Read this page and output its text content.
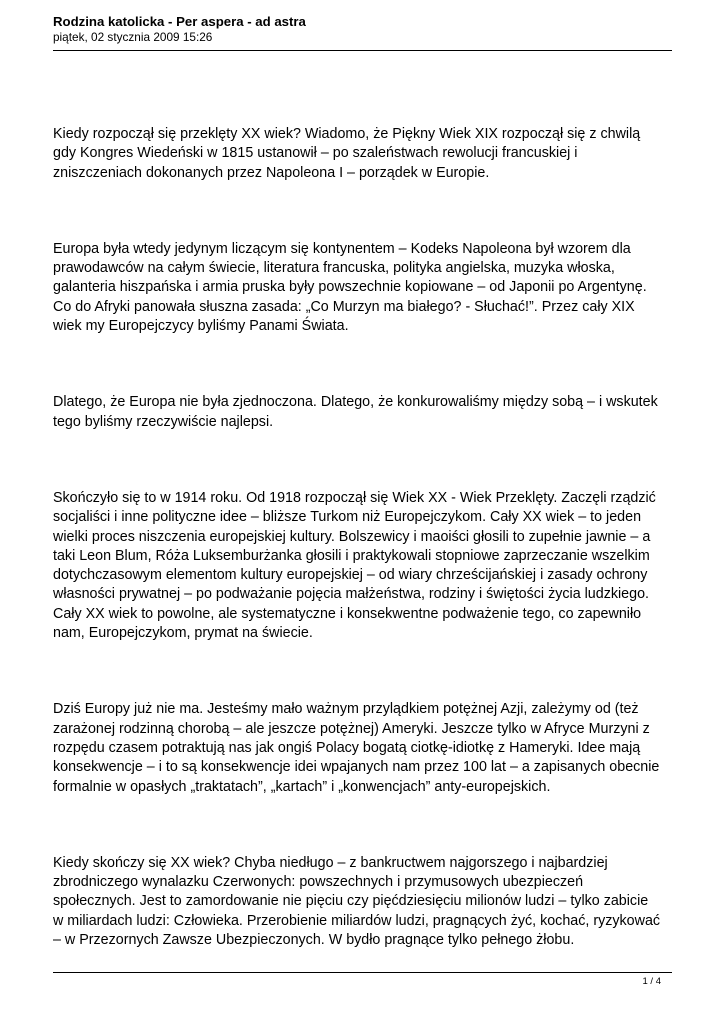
Rodzina katolicka - Per aspera - ad astra

piątek, 02 stycznia 2009 15:26

Kiedy rozpoczął się przeklęty XX wiek? Wiadomo, że Piękny Wiek XIX rozpoczął się z chwilą
gdy Kongres Wiedeński w 1815 ustanowił – po szaleństwach rewolucji francuskiej i
zniszczeniach dokonanych przez Napoleona I – porządek w Europie.

Europa była wtedy jedynym liczącym się kontynentem – Kodeks Napoleona był wzorem dla
prawodawców na całym świecie, literatura francuska, polityka angielska, muzyka włoska,
galanteria hiszpańska i armia pruska były powszechnie kopiowane – od Japonii po Argentynę.
Co do Afryki panowała słuszna zasada: „Co Murzyn ma białego? - Słuchać!”. Przez cały XIX
wiek my Europejczycy byliśmy Panami Świata.

Dlatego, że Europa nie była zjednoczona. Dlatego, że konkurowaliśmy między sobą – i wskutek
tego byliśmy rzeczywiście najlepsi.

Skończyło się to w 1914 roku. Od 1918 rozpoczął się Wiek XX - Wiek Przeklęty. Zaczęli rządzić
socjaliści i inne polityczne idee – bliższe Turkom niż Europejczykom. Cały XX wiek – to jeden
wielki proces niszczenia europejskiej kultury. Bolszewicy i maoiści głosili to zupełnie jawnie – a
taki Leon Blum, Róża Luksemburżanka głosili i praktykowali stopniowe zaprzeczanie wszelkim
dotychczasowym elementom kultury europejskiej – od wiary chrześcijańskiej i zasady ochrony
własności prywatnej – po podważanie pojęcia małżeństwa, rodziny i świętości życia ludzkiego.
Cały XX wiek to powolne, ale systematyczne i konsekwentne podważenie tego, co zapewniło
nam, Europejczykom, prymat na świecie.

Dziś Europy już nie ma. Jesteśmy mało ważnym przylądkiem potężnej Azji, zależymy od (też
zarażonej rodzinną chorobą – ale jeszcze potężnej) Ameryki. Jeszcze tylko w Afryce Murzyni z
rozpędu czasem potraktują nas jak ongiś Polacy bogatą ciotkę-idiotkę z Hameryki. Idee mają
konsekwencje – i to są konsekwencje idei wpajanych nam przez 100 lat – a zapisanych obecnie
formalnie w opasłych „traktatach”, „kartach” i „konwencjach” anty-europejskich.

Kiedy skończy się XX wiek? Chyba niedługo – z bankructwem najgorszego i najbardziej
zbrodniczego wynalazku Czerwonych: powszechnych i przymusowych ubezpieczeń
społecznych. Jest to zamordowanie nie pięciu czy pięćdziesięciu milionów ludzi – tylko zabicie
w miliardach ludzi: Człowieka. Przerobienie miliardów ludzi, pragnących żyć, kochać, ryzykować
– w Przezornych Zawsze Ubezpieczonych. W bydło pragnące tylko pełnego żłobu.

1 / 4
